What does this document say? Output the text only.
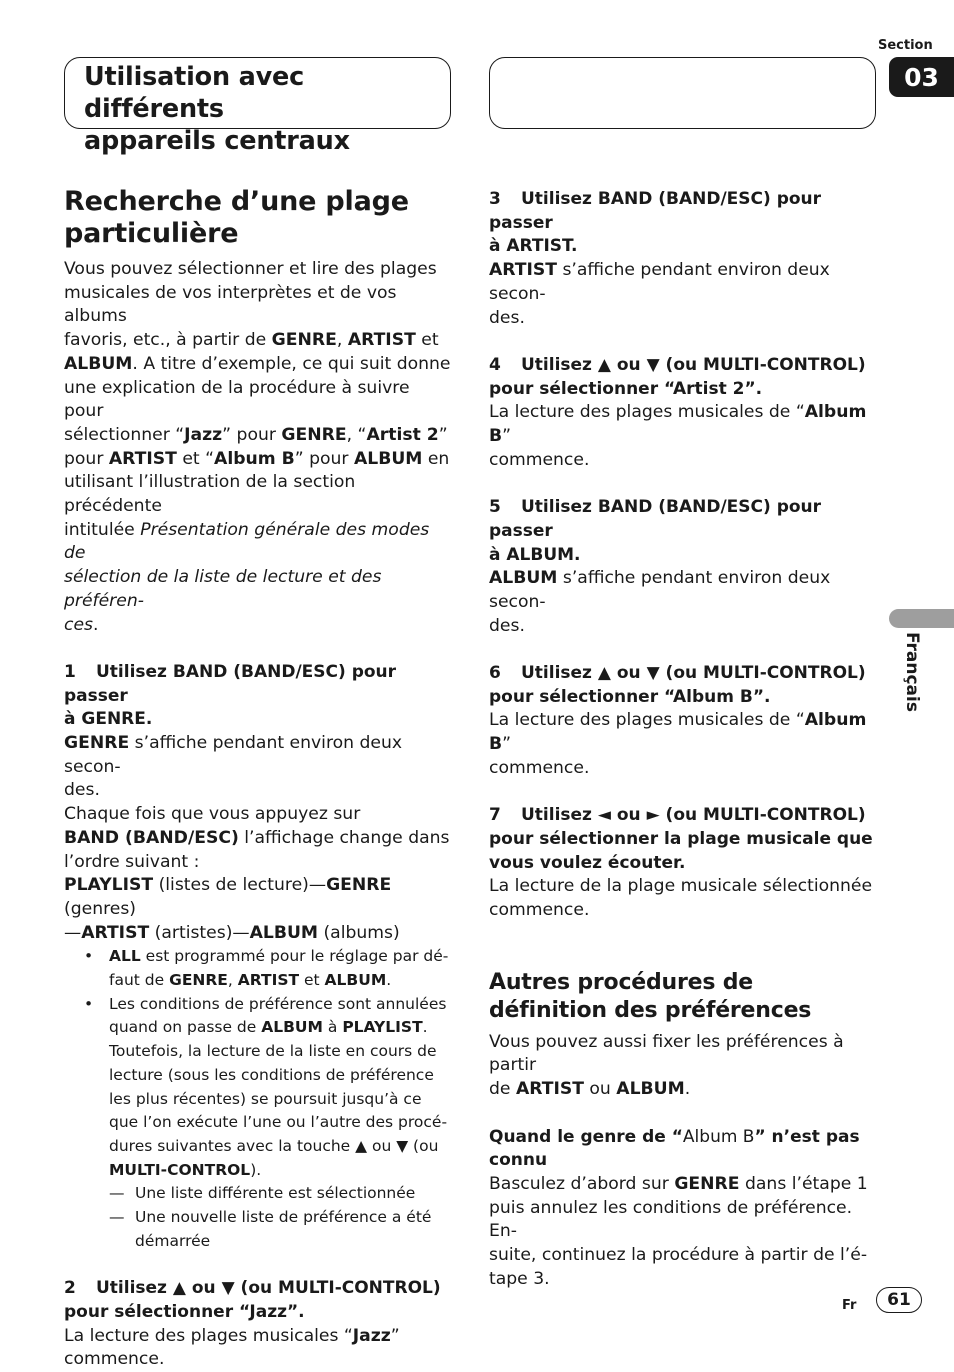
Utilisation avec différents
appareils centraux
Section
03
Français
Recherche d’une plage
particulière

Vous pouvez sélectionner et lire des plages
musicales de vos interprètes et de vos albums
favoris, etc., à partir de GENRE, ARTIST et
ALBUM. A titre d’exemple, ce qui suit donne
une explication de la procédure à suivre pour
sélectionner “Jazz” pour GENRE, “Artist 2”
pour ARTIST et “Album B” pour ALBUM en
utilisant l’illustration de la section précédente
intitulée Présentation générale des modes de
sélection de la liste de lecture et des préféren-
ces.

1 Utilisez BAND (BAND/ESC) pour passer
à GENRE.

GENRE s’affiche pendant environ deux secon-
des.
Chaque fois que vous appuyez sur
BAND (BAND/ESC) l’affichage change dans
l’ordre suivant :
PLAYLIST (listes de lecture)—GENRE (genres)
—ARTIST (artistes)—ALBUM (albums)

• ALL est programmé pour le réglage par dé-
faut de GENRE, ARTIST et ALBUM.
• Les conditions de préférence sont annulées
quand on passe de ALBUM à PLAYLIST.
Toutefois, la lecture de la liste en cours de
lecture (sous les conditions de préférence
les plus récentes) se poursuit jusqu’à ce
que l’on exécute l’une ou l’autre des procé-
dures suivantes avec la touche ▲ ou ▼ (ou
MULTI-CONTROL).
— Une liste différente est sélectionnée
— Une nouvelle liste de préférence a été
démarrée
2 Utilisez ▲ ou ▼ (ou MULTI-CONTROL)
pour sélectionner “Jazz”.

La lecture des plages musicales “Jazz”
commence.

3 Utilisez BAND (BAND/ESC) pour passer
à ARTIST.

ARTIST s’affiche pendant environ deux secon-
des.

4 Utilisez ▲ ou ▼ (ou MULTI-CONTROL)
pour sélectionner “Artist 2”.

La lecture des plages musicales de “Album B”
commence.

5 Utilisez BAND (BAND/ESC) pour passer
à ALBUM.

ALBUM s’affiche pendant environ deux secon-
des.

6 Utilisez ▲ ou ▼ (ou MULTI-CONTROL)
pour sélectionner “Album B”.

La lecture des plages musicales de “Album B”
commence.

7 Utilisez ◄ ou ► (ou MULTI-CONTROL)
pour sélectionner la plage musicale que
vous voulez écouter.

La lecture de la plage musicale sélectionnée
commence.

Autres procédures de
définition des préférences

Vous pouvez aussi fixer les préférences à partir
de ARTIST ou ALBUM.

Quand le genre de “Album B” n’est pas
connu

Basculez d’abord sur GENRE dans l’étape 1
puis annulez les conditions de préférence. En-
suite, continuez la procédure à partir de l’é-
tape 3.

Fr	61
